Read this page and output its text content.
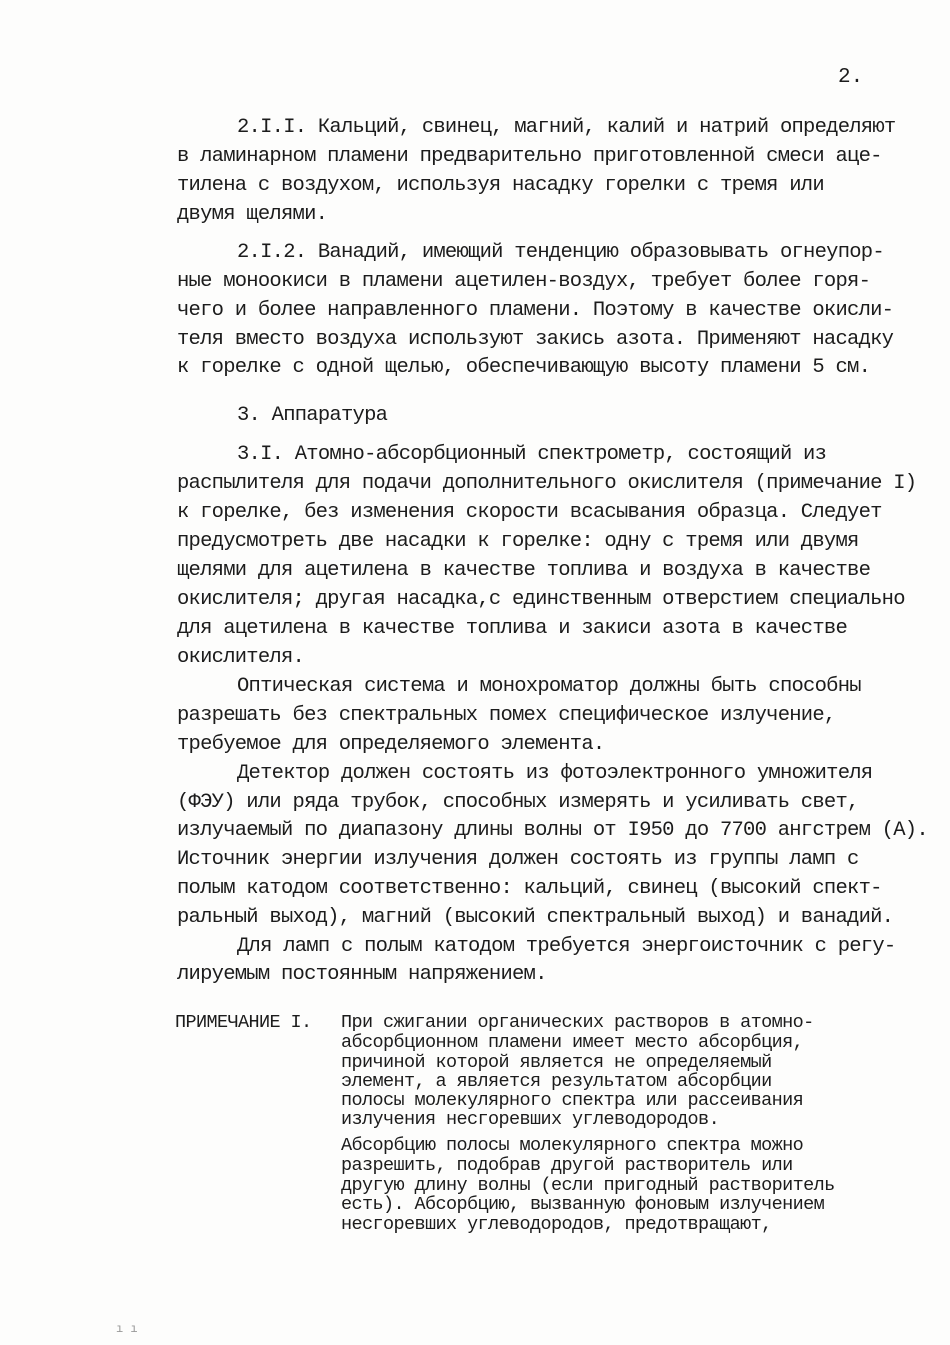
2.
2.I.I. Кальций, свинец, магний, калий и натрий определяют
в ламинарном пламени предварительно приготовленной смеси аце-
тилена с воздухом, используя насадку горелки с тремя или
двумя щелями.
2.I.2. Ванадий, имеющий тенденцию образовывать огнеупор-
ные моноокиси в пламени ацетилен-воздух, требует более горя-
чего и более направленного пламени. Поэтому в качестве окисли-
теля вместо воздуха используют закись азота. Применяют насадку
к горелке с одной щелью, обеспечивающую высоту пламени 5 см.
3. Аппаратура
3.I. Атомно-абсорбционный спектрометр, состоящий из
распылителя для подачи дополнительного окислителя (примечание I)
к горелке, без изменения скорости всасывания образца. Следует
предусмотреть две насадки к горелке: одну с тремя или двумя
щелями для ацетилена в качестве топлива и воздуха в качестве
окислителя; другая насадка,с единственным отверстием специально
для ацетилена в качестве топлива и закиси азота в качестве
окислителя.
Оптическая система и монохроматор должны быть способны
разрешать без спектральных помех специфическое излучение,
требуемое для определяемого элемента.
Детектор должен состоять из фотоэлектронного умножителя
(ФЭУ) или ряда трубок, способных измерять и усиливать свет,
излучаемый по диапазону длины волны от I950 до 7700 ангстрем (А).
Источник энергии излучения должен состоять из группы ламп с
полым катодом соответственно: кальций, свинец (высокий спект-
ральный выход), магний (высокий спектральный выход) и ванадий.
Для ламп с полым катодом требуется энергоисточник с регу-
лируемым постоянным напряжением.
ПРИМЕЧАНИЕ I. При сжигании органических растворов в атомно-
абсорбционном пламени имеет место абсорбция,
причиной которой является не определяемый
элемент, а является результатом абсорбции
полосы молекулярного спектра или рассеивания
излучения несгоревших углеводородов.
Абсорбцию полосы молекулярного спектра можно
разрешить, подобрав другой растворитель или
другую длину волны (если пригодный растворитель
есть). Абсорбцию, вызванную фоновым излучением
несгоревших углеводородов, предотвращают,
ı ı
